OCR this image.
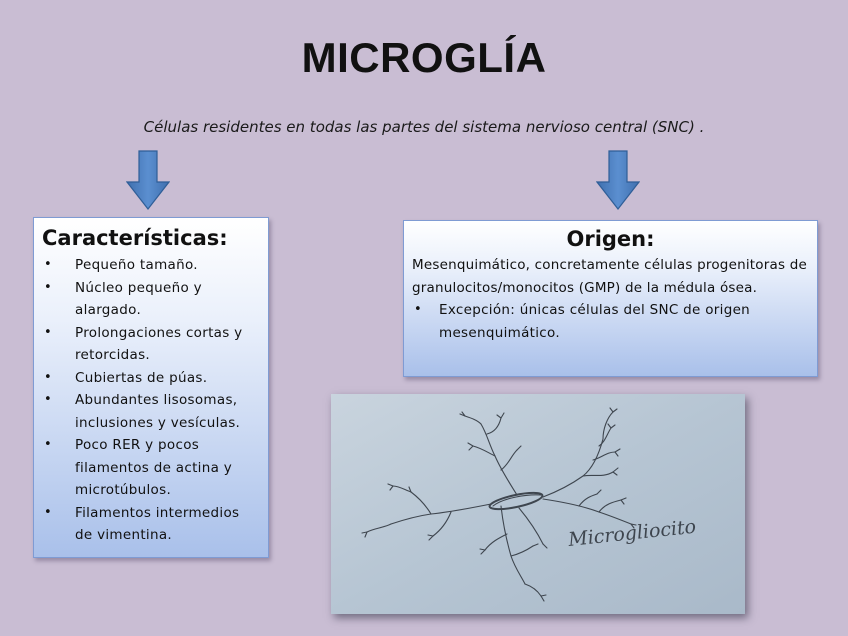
MICROGLÍA
Células residentes en todas las partes del sistema nervioso central (SNC) .
Características:
• Pequeño tamaño.
• Núcleo pequeño y alargado.
• Prolongaciones cortas y retorcidas.
• Cubiertas de púas.
• Abundantes lisosomas, inclusiones y vesículas.
• Poco RER y pocos filamentos de actina y microtúbulos.
• Filamentos intermedios de vimentina.
Origen:
Mesenquimático, concretamente células progenitoras de granulocitos/monocitos (GMP) de la médula ósea.
• Excepción: únicas células del SNC de origen mesenquimático.
Microgliocito
